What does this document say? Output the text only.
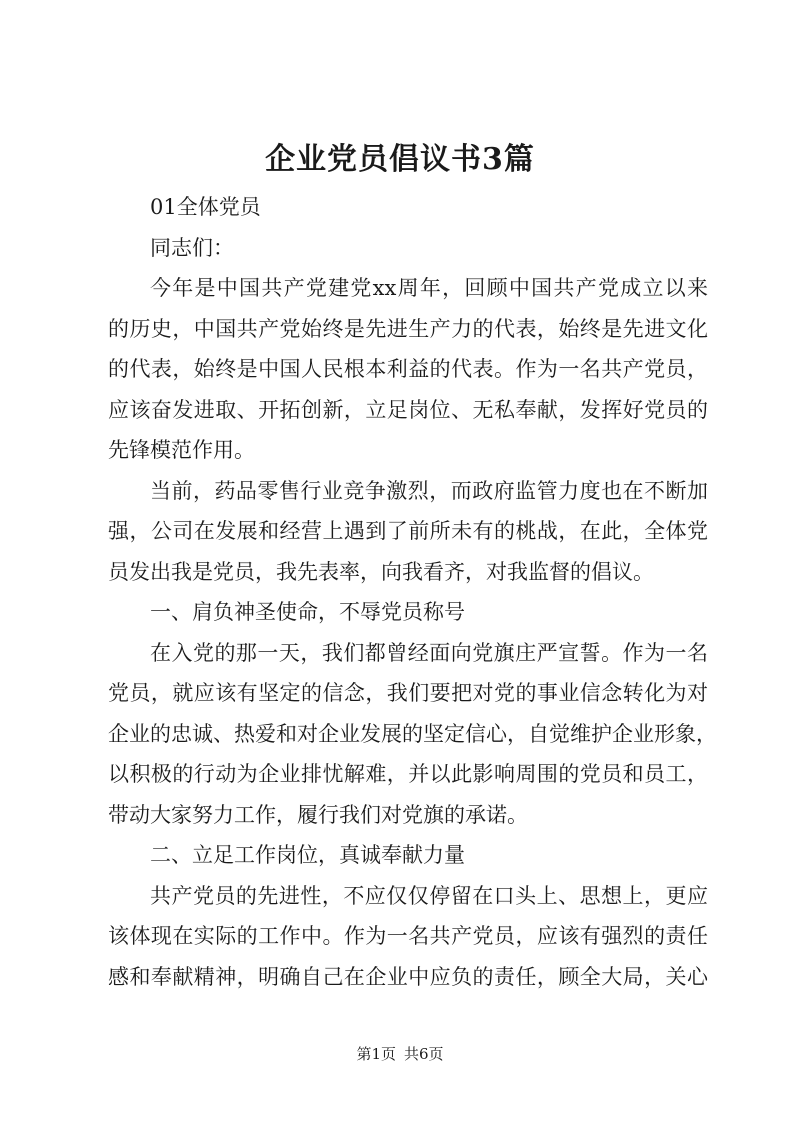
企业党员倡议书3篇
01全体党员
同志们：
今年是中国共产党建党xx周年，回顾中国共产党成立以来
的历史，中国共产党始终是先进生产力的代表，始终是先进文化
的代表，始终是中国人民根本利益的代表。作为一名共产党员，
应该奋发进取、开拓创新，立足岗位、无私奉献，发挥好党员的
先锋模范作用。
当前，药品零售行业竞争激烈，而政府监管力度也在不断加
强，公司在发展和经营上遇到了前所未有的桃战，在此，全体党
员发出我是党员，我先表率，向我看齐，对我监督的倡议。
一、肩负神圣使命，不辱党员称号
在入党的那一天，我们都曾经面向党旗庄严宣誓。作为一名
党员，就应该有坚定的信念，我们要把对党的事业信念转化为对
企业的忠诚、热爱和对企业发展的坚定信心，自觉维护企业形象，
以积极的行动为企业排忧解难，并以此影响周围的党员和员工，
带动大家努力工作，履行我们对党旗的承诺。
二、立足工作岗位，真诚奉献力量
共产党员的先进性，不应仅仅停留在口头上、思想上，更应
该体现在实际的工作中。作为一名共产党员，应该有强烈的责任
感和奉献精神，明确自己在企业中应负的责任，顾全大局，关心
第1页 共6页
